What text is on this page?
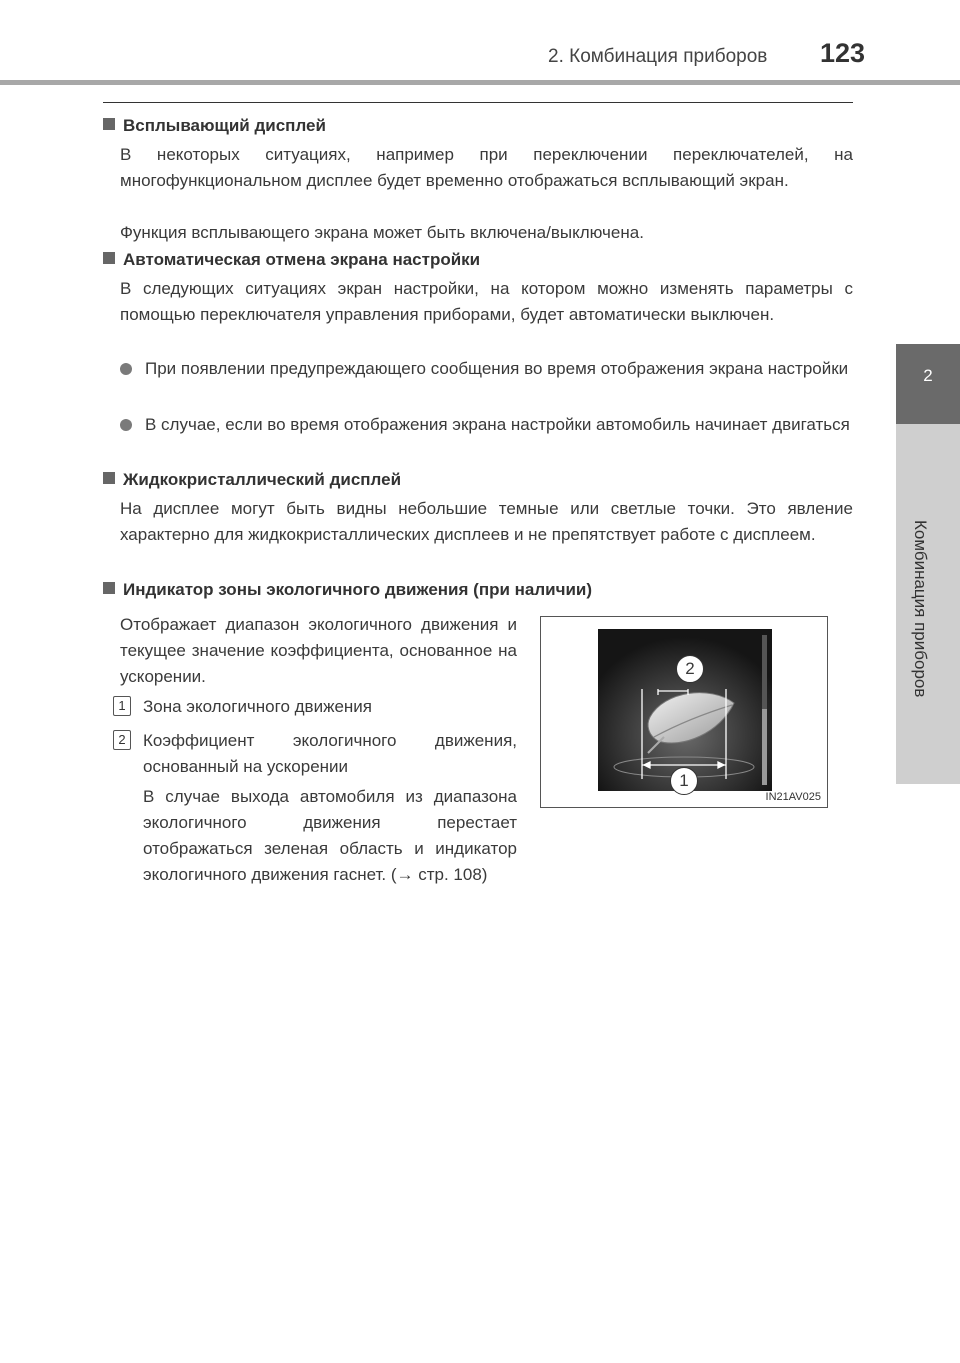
2. Комбинация приборов 123
2
Комбинация приборов
Всплывающий дисплей
В некоторых ситуациях, например при переключении переключателей, на многофункциональном дисплее будет временно отображаться всплывающий экран.
Функция всплывающего экрана может быть включена/выключена.
Автоматическая отмена экрана настройки
В следующих ситуациях экран настройки, на котором можно изменять параметры с помощью переключателя управления приборами, будет автоматически выключен.
При появлении предупреждающего сообщения во время отображения экрана настройки
В случае, если во время отображения экрана настройки автомобиль начинает двигаться
Жидкокристаллический дисплей
На дисплее могут быть видны небольшие темные или светлые точки. Это явление характерно для жидкокристаллических дисплеев и не препятствует работе с дисплеем.
Индикатор зоны экологичного движения (при наличии)
Отображает диапазон экологичного движения и текущее значение коэффициента, основанное на ускорении.
1	Зона экологичного движения
2	Коэффициент экологичного движения, основанный на ускорении
В случае выхода автомобиля из диапазона экологичного движения перестает отображаться зеленая область и индикатор экологичного движения гаснет. (→ стр. 108)
2
1
IN21AV025
